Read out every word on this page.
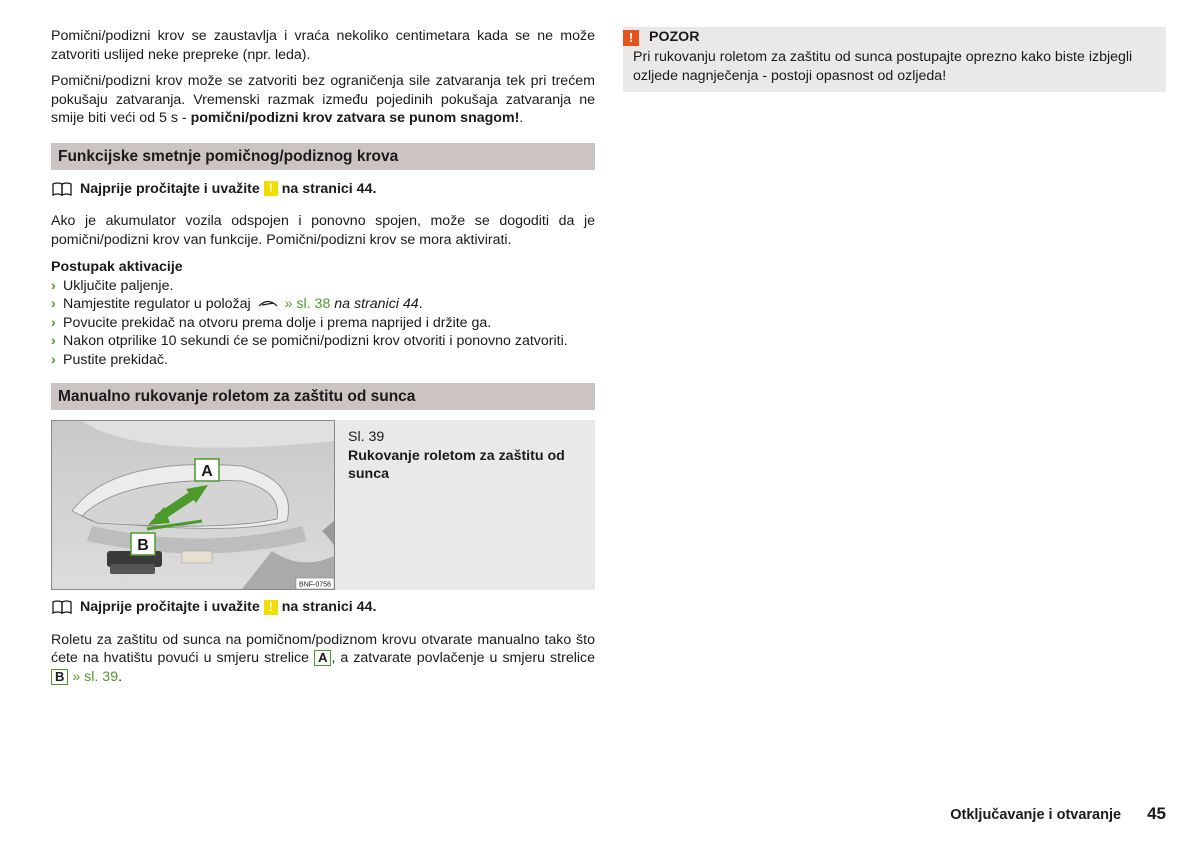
Pomični/podizni krov se zaustavlja i vraća nekoliko centimetara kada se ne može zatvoriti uslijed neke prepreke (npr. leda).

Pomični/podizni krov može se zatvoriti bez ograničenja sile zatvaranja tek pri trećem pokušaju zatvaranja. Vremenski razmak između pojedinih pokušaja zatvaranja ne smije biti veći od 5 s - pomični/podizni krov zatvara se punom snagom!.

Funkcijske smetnje pomičnog/podiznog krova
Najprije pročitajte i uvažite ! na stranici 44.

Ako je akumulator vozila odspojen i ponovno spojen, može se dogoditi da je pomični/podizni krov van funkcije. Pomični/podizni krov se mora aktivirati.

Postupak aktivacije

› Uključite paljenje.
› Namjestite regulator u položaj » sl. 38 na stranici 44.
› Povucite prekidač na otvoru prema dolje i prema naprijed i držite ga.
› Nakon otprilike 10 sekundi će se pomični/podizni krov otvoriti i ponovno zatvoriti.
› Pustite prekidač.
Manualno rukovanje roletom za zaštitu od sunca
A
B
BNF-0758

Sl. 39

Rukovanje roletom za zaštitu od sunca

Najprije pročitajte i uvažite ! na stranici 44.

Roletu za zaštitu od sunca na pomičnom/podiznom krovu otvarate manualno tako što ćete na hvatištu povući u smjeru strelice A , a zatvarate povlačenje u smjeru strelice B » sl. 39.

!	POZOR

Pri rukovanju roletom za zaštitu od sunca postupajte oprezno kako biste izbjegli ozljede nagnječenja - postoji opasnost od ozljeda!

Otključavanje i otvaranje 45
